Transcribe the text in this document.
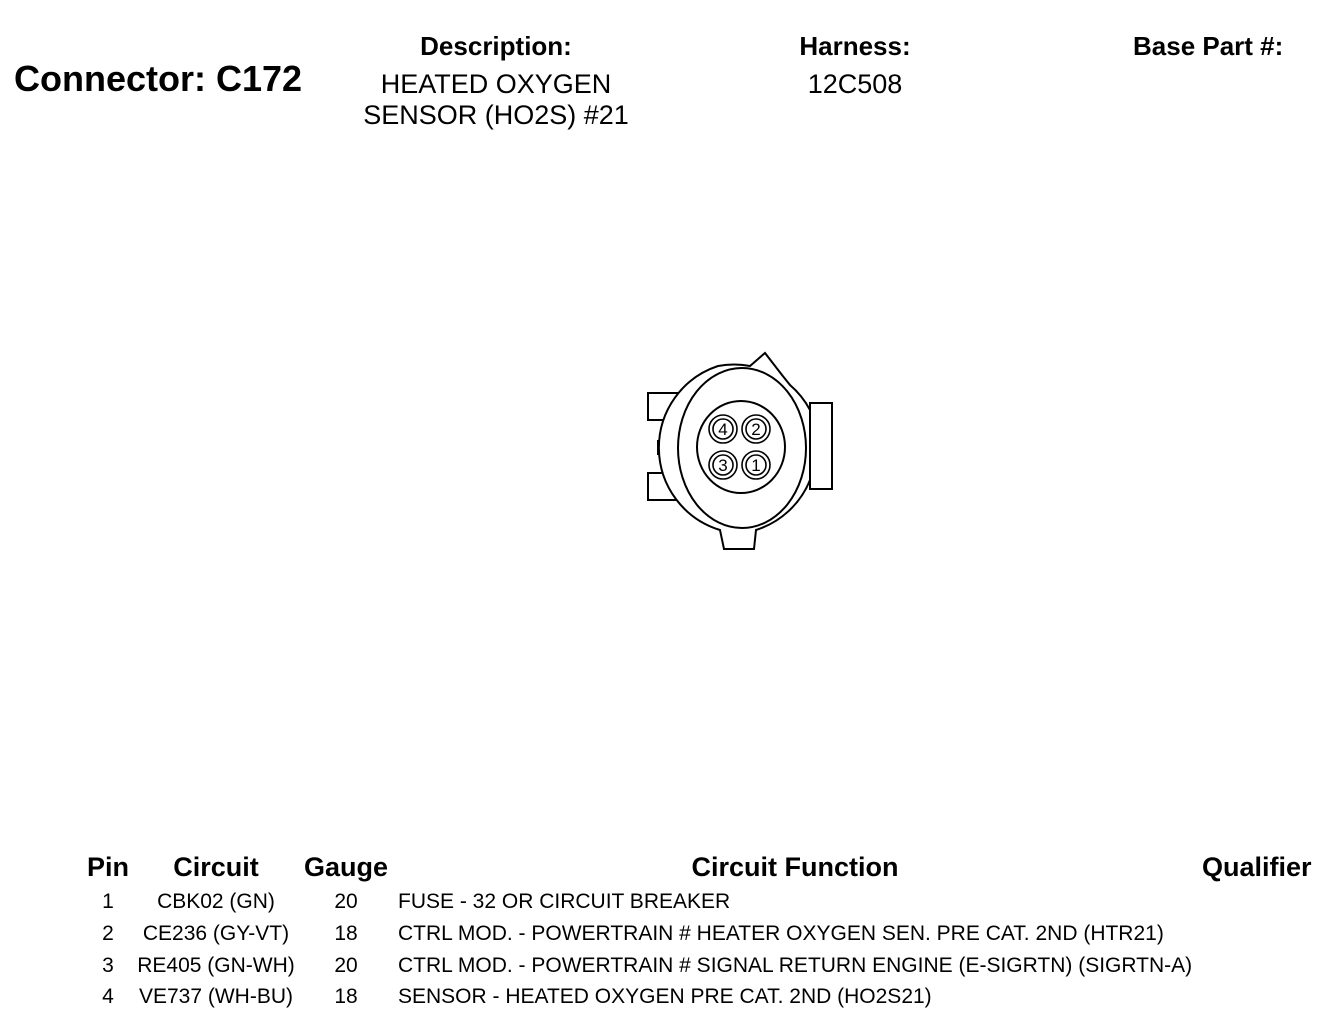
Connector: C172
Description:
HEATED OXYGEN
SENSOR (HO2S) #21
Harness:
12C508
Base Part #:
4 2
3 1
Pin	Circuit	Gauge	Circuit Function	Qualifier
1	CBK02 (GN)	20	FUSE - 32 OR CIRCUIT BREAKER
2	CE236 (GY-VT)	18	CTRL MOD. - POWERTRAIN # HEATER OXYGEN SEN. PRE CAT. 2ND (HTR21)
3	RE405 (GN-WH)	20	CTRL MOD. - POWERTRAIN # SIGNAL RETURN ENGINE (E-SIGRTN) (SIGRTN-A)
4	VE737 (WH-BU)	18	SENSOR - HEATED OXYGEN PRE CAT. 2ND (HO2S21)
